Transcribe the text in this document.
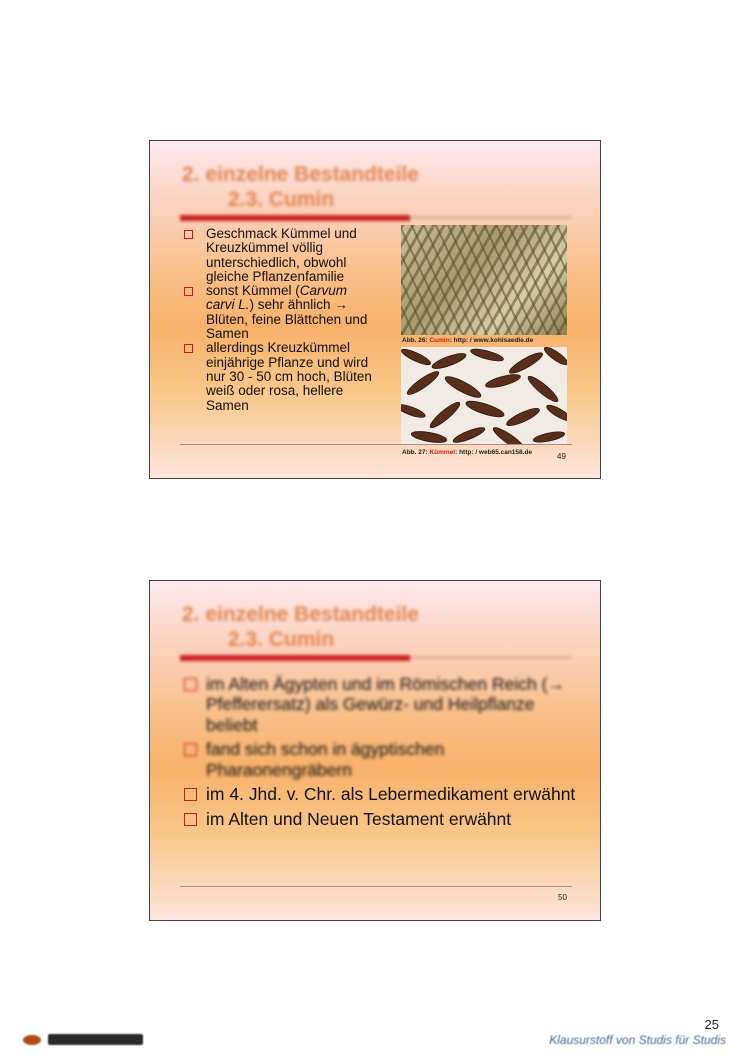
2. einzelne Bestandteile
2.3. Cumin
Geschmack Kümmel und Kreuzkümmel völlig unterschiedlich, obwohl gleiche Pflanzenfamilie
sonst Kümmel (Carvum carvi L.) sehr ähnlich → Blüten, feine Blättchen und Samen
allerdings Kreuzkümmel einjährige Pflanze und wird nur 30 - 50 cm hoch, Blüten weiß oder rosa, hellere Samen
Abb. 26: Cumin: http: / www.kohlsaedle.de
Abb. 27: Kümmel: http: / web65.can158.de	49
2. einzelne Bestandteile
2.3. Cumin
im Alten Ägypten und im Römischen Reich (→ Pfefferersatz) als Gewürz- und Heilpflanze beliebt
fand sich schon in ägyptischen Pharaonengräbern
im 4. Jhd. v. Chr. als Lebermedikament erwähnt
im Alten und Neuen Testament erwähnt
50
25
Klausurstoff von Studis für Studis
